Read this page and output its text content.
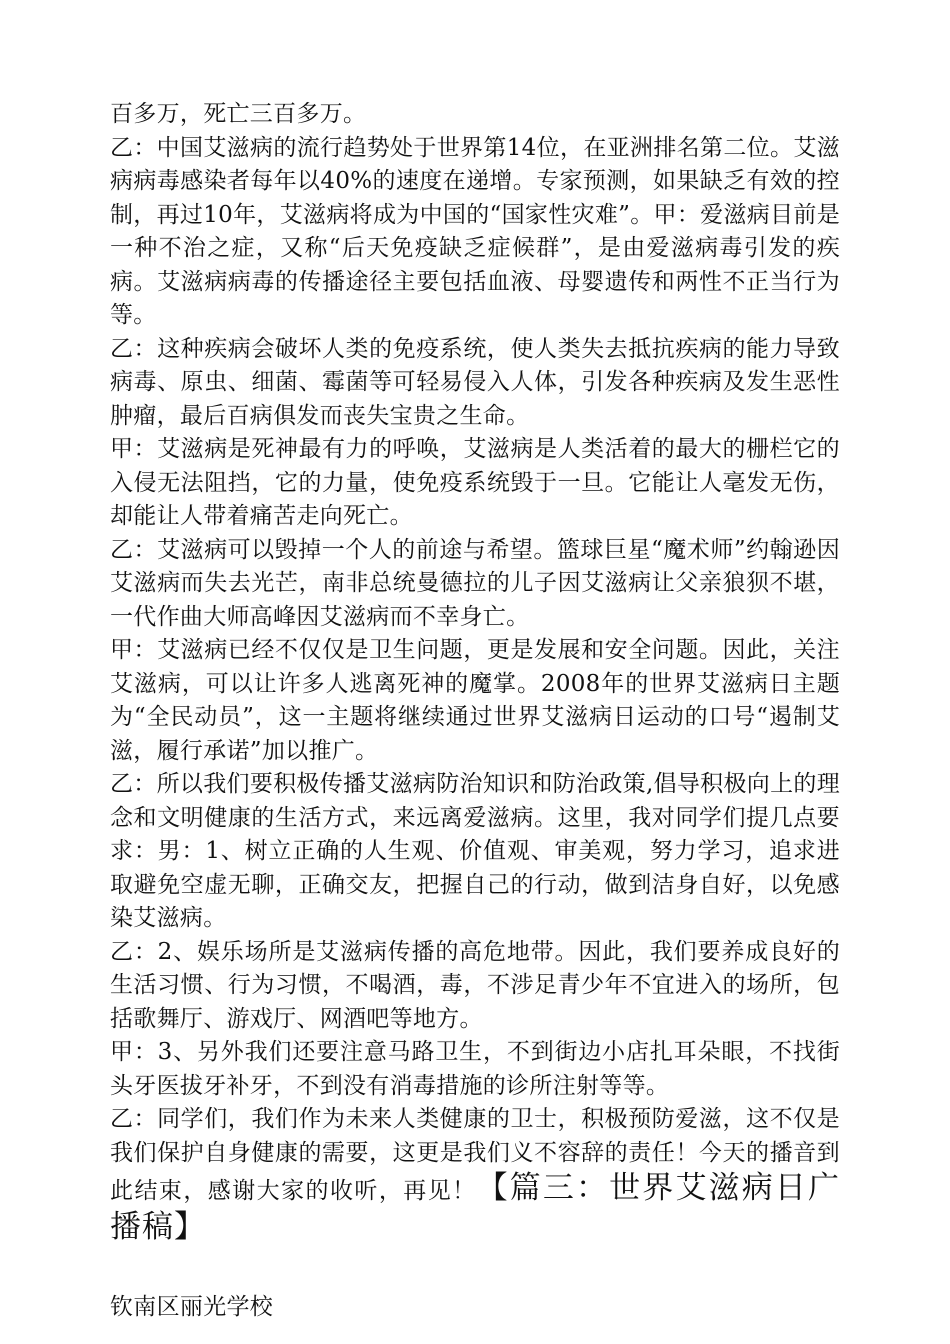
百多万，死亡三百多万。

乙：中国艾滋病的流行趋势处于世界第14位，在亚洲排名第二位。艾滋病病毒感染者每年以40%的速度在递增。专家预测，如果缺乏有效的控制，再过10年，艾滋病将成为中国的“国家性灾难”。甲：爱滋病目前是一种不治之症，又称“后天免疫缺乏症候群”，是由爱滋病毒引发的疾病。艾滋病病毒的传播途径主要包括血液、母婴遗传和两性不正当行为等。

乙：这种疾病会破坏人类的免疫系统，使人类失去抵抗疾病的能力导致病毒、原虫、细菌、霉菌等可轻易侵入人体，引发各种疾病及发生恶性肿瘤，最后百病俱发而丧失宝贵之生命。

甲：艾滋病是死神最有力的呼唤，艾滋病是人类活着的最大的栅栏它的入侵无法阻挡，它的力量，使免疫系统毁于一旦。它能让人毫发无伤，却能让人带着痛苦走向死亡。

乙：艾滋病可以毁掉一个人的前途与希望。篮球巨星“魔术师”约翰逊因艾滋病而失去光芒，南非总统曼德拉的儿子因艾滋病让父亲狼狈不堪，一代作曲大师高峰因艾滋病而不幸身亡。

甲：艾滋病已经不仅仅是卫生问题，更是发展和安全问题。因此，关注艾滋病，可以让许多人逃离死神的魔掌。2008年的世界艾滋病日主题为“全民动员”，这一主题将继续通过世界艾滋病日运动的口号“遏制艾滋，履行承诺”加以推广。

乙：所以我们要积极传播艾滋病防治知识和防治政策,倡导积极向上的理念和文明健康的生活方式，来远离爱滋病。这里，我对同学们提几点要求：男：1、树立正确的人生观、价值观、审美观，努力学习，追求进取避免空虚无聊，正确交友，把握自己的行动，做到洁身自好，以免感染艾滋病。

乙：2、娱乐场所是艾滋病传播的高危地带。因此，我们要养成良好的生活习惯、行为习惯，不喝酒，毒，不涉足青少年不宜进入的场所，包括歌舞厅、游戏厅、网酒吧等地方。

甲：3、另外我们还要注意马路卫生，不到街边小店扎耳朵眼，不找街头牙医拔牙补牙，不到没有消毒措施的诊所注射等等。

乙：同学们，我们作为未来人类健康的卫士，积极预防爱滋，这不仅是我们保护自身健康的需要，这更是我们义不容辞的责任！今天的播音到此结束，感谢大家的收听，再见！【篇三：世界艾滋病日广播稿】

钦南区丽光学校
